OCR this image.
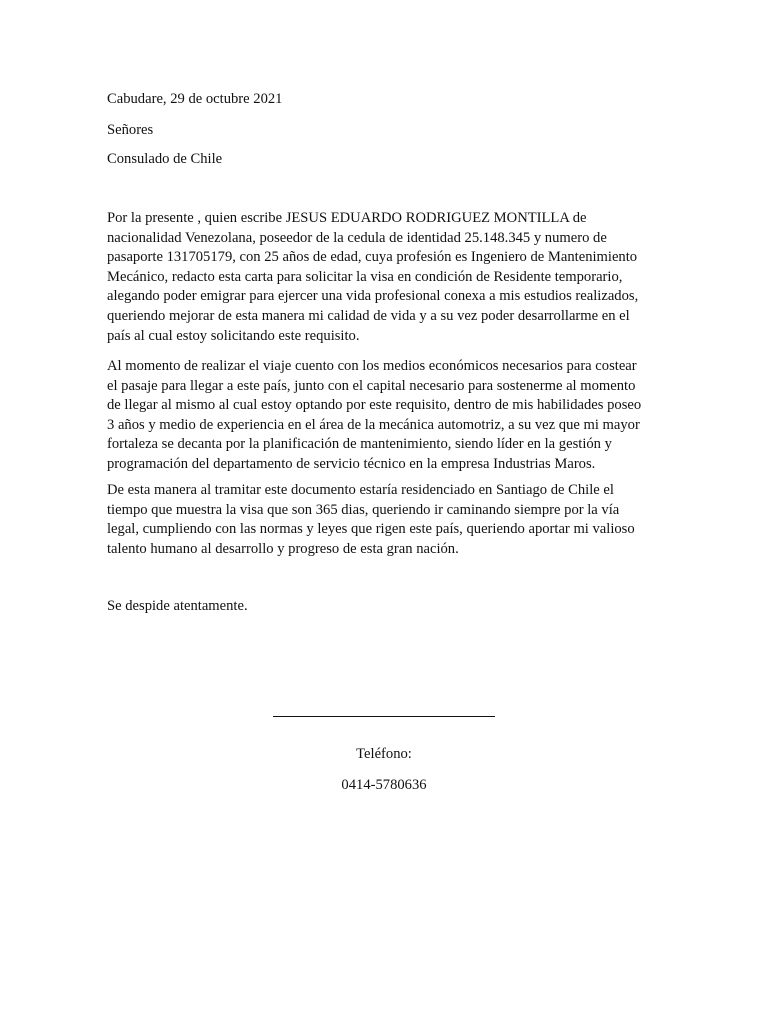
Cabudare, 29 de octubre 2021

Señores

Consulado de Chile

Por la presente , quien escribe JESUS EDUARDO RODRIGUEZ MONTILLA de
nacionalidad Venezolana, poseedor de la cedula de identidad 25.148.345 y numero de
pasaporte 131705179, con 25 años de edad, cuya profesión es Ingeniero de Mantenimiento
Mecánico, redacto esta carta para solicitar la visa en condición de Residente temporario,
alegando poder emigrar para ejercer una vida profesional conexa a mis estudios realizados,
queriendo mejorar de esta manera mi calidad de vida y a su vez poder desarrollarme en el
país al cual estoy solicitando este requisito.
Al momento de realizar el viaje cuento con los medios económicos necesarios para costear
el pasaje para llegar a este país, junto con el capital necesario para sostenerme al momento
de llegar al mismo al cual estoy optando por este requisito, dentro de mis habilidades poseo
3 años y medio de experiencia en el área de la mecánica automotriz, a su vez que mi mayor
fortaleza se decanta por la planificación de mantenimiento, siendo líder en la gestión y
programación del departamento de servicio técnico en la empresa Industrias Maros.
De esta manera al tramitar este documento estaría residenciado en Santiago de Chile el
tiempo que muestra la visa que son 365 dias, queriendo ir caminando siempre por la vía
legal, cumpliendo con las normas y leyes que rigen este país, queriendo aportar mi valioso
talento humano al desarrollo y progreso de esta gran nación.

Se despide atentamente.

Teléfono:
0414-5780636
